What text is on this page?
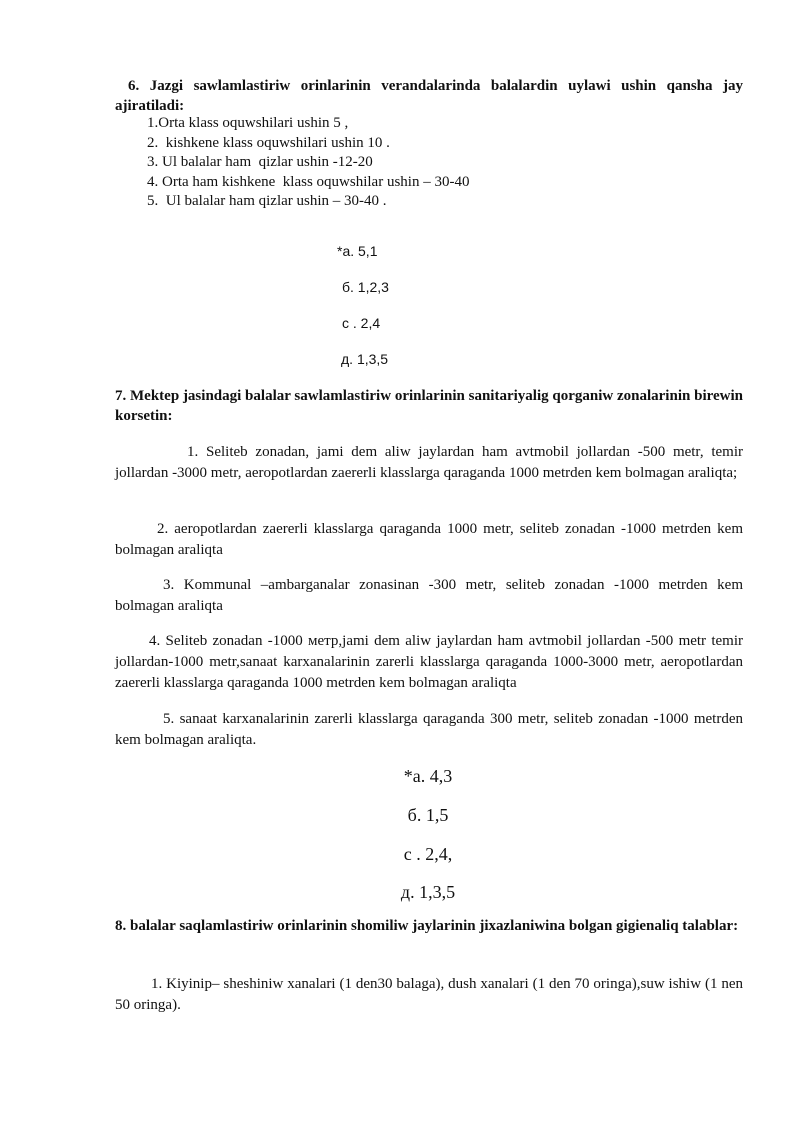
6. Jazgi sawlamlastiriw orinlarinin verandalarinda balalardin uylawi ushin qansha jay ajiratiladi:
1.Orta klass oquwshilari ushin 5 ,
2.  kishkene klass oquwshilari ushin 10 .
3. Ul balalar ham  qizlar ushin -12-20
4. Orta ham kishkene  klass oquwshilar ushin – 30-40
5.  Ul balalar ham qizlar ushin – 30-40 .
*a. 5,1
б. 1,2,3
с . 2,4
д. 1,3,5
7. Mektep jasindagi balalar sawlamlastiriw orinlarinin sanitariyalig qorganiw zonalarinin birewin korsetin:
1. Seliteb zonadan, jami dem aliw jaylardan ham avtmobil jollardan -500 metr, temir jollardan -3000 metr, aeropotlardan zaererli klasslarga qaraganda 1000 metrden kem bolmagan araliqta;
2. aeropotlardan zaererli klasslarga qaraganda 1000 metr, seliteb zonadan -1000 metrden kem bolmagan araliqta
3. Kommunal –ambarganalar zonasinan -300 metr, seliteb zonadan -1000 metrden kem bolmagan araliqta
4. Seliteb zonadan -1000 метр,jami dem aliw jaylardan ham avtmobil jollardan -500 metr temir jollardan-1000 metr,sanaat karxanalarinin zarerli klasslarga qaraganda 1000-3000 metr, aeropotlardan zaererli klasslarga qaraganda 1000 metrden kem bolmagan araliqta
5. sanaat karxanalarinin zarerli klasslarga qaraganda 300 metr, seliteb zonadan -1000 metrden kem bolmagan araliqta.
*a. 4,3
б. 1,5
с . 2,4,
д. 1,3,5
8. balalar saqlamlastiriw orinlarinin shomiliw jaylarinin jixazlaniwina bolgan gigienaliq talablar:
1. Kiyinip– sheshiniw xanalari (1 den30 balaga), dush xanalari (1 den 70 oringa),suw ishiw (1 nen 50 oringa).
